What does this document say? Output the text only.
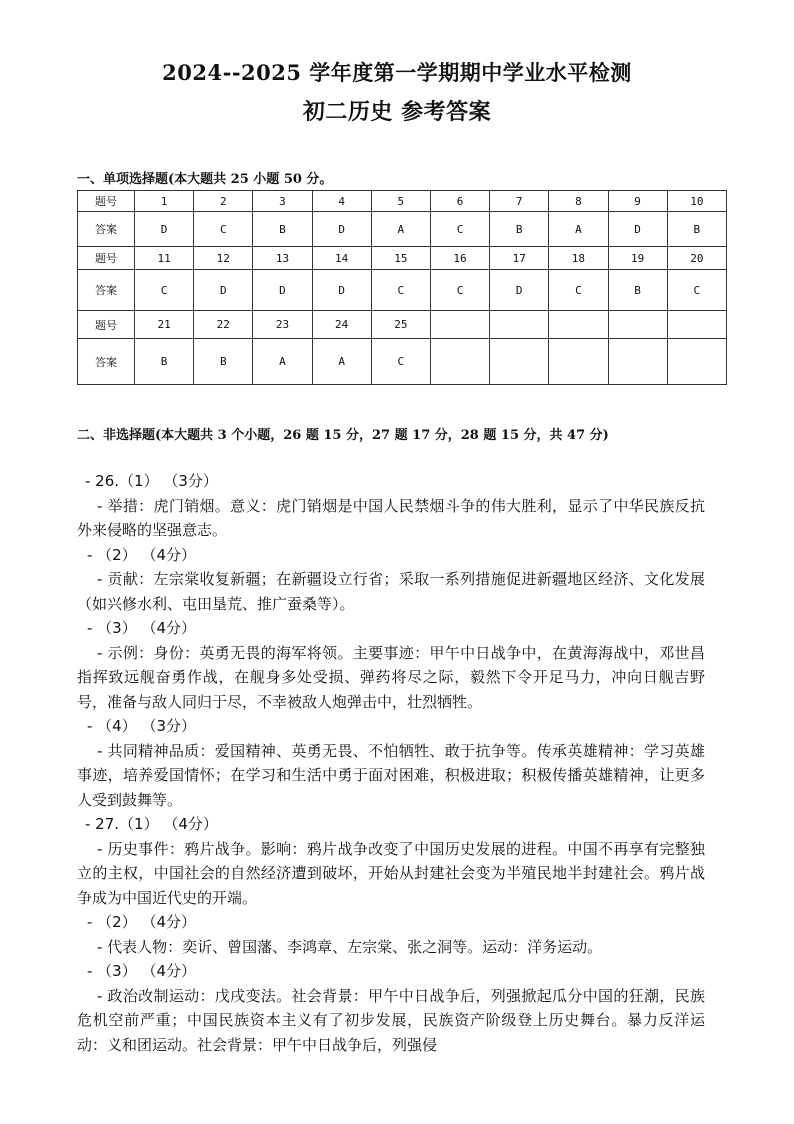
2024--2025 学年度第一学期期中学业水平检测
初二历史 参考答案
一、单项选择题(本大题共 25 小题 50 分。
题号	1	2	3	4	5	6	7	8	9	10
答案	D	C	B	D	A	C	B	A	D	B
题号	11	12	13	14	15	16	17	18	19	20
答案	C	D	D	D	C	C	D	C	B	C
题号	21	22	23	24	25					
答案	B	B	A	A	C					
二、非选择题(本大题共 3 个小题，26 题 15 分，27 题 17 分，28 题 15 分，共 47 分)

- 26.（1） （3分）

- 举措：虎门销烟。意义：虎门销烟是中国人民禁烟斗争的伟大胜利，显示了中华民族反抗外来侵略的坚强意志。

- （2） （4分）

- 贡献：左宗棠收复新疆；在新疆设立行省；采取一系列措施促进新疆地区经济、文化发展（如兴修水利、屯田垦荒、推广蚕桑等）。

- （3） （4分）

- 示例：身份：英勇无畏的海军将领。主要事迹：甲午中日战争中，在黄海海战中，邓世昌指挥致远舰奋勇作战，在舰身多处受损、弹药将尽之际，毅然下令开足马力，冲向日舰吉野号，准备与敌人同归于尽，不幸被敌人炮弹击中，壮烈牺牲。

- （4） （3分）

- 共同精神品质：爱国精神、英勇无畏、不怕牺牲、敢于抗争等。传承英雄精神：学习英雄事迹，培养爱国情怀；在学习和生活中勇于面对困难，积极进取；积极传播英雄精神，让更多人受到鼓舞等。

- 27.（1） （4分）

- 历史事件：鸦片战争。影响：鸦片战争改变了中国历史发展的进程。中国不再享有完整独立的主权，中国社会的自然经济遭到破坏，开始从封建社会变为半殖民地半封建社会。鸦片战争成为中国近代史的开端。

- （2） （4分）

- 代表人物：奕䜣、曾国藩、李鸿章、左宗棠、张之洞等。运动：洋务运动。

- （3） （4分）

- 政治改制运动：戊戌变法。社会背景：甲午中日战争后，列强掀起瓜分中国的狂潮，民族危机空前严重；中国民族资本主义有了初步发展，民族资产阶级登上历史舞台。暴力反洋运动：义和团运动。社会背景：甲午中日战争后，列强侵
